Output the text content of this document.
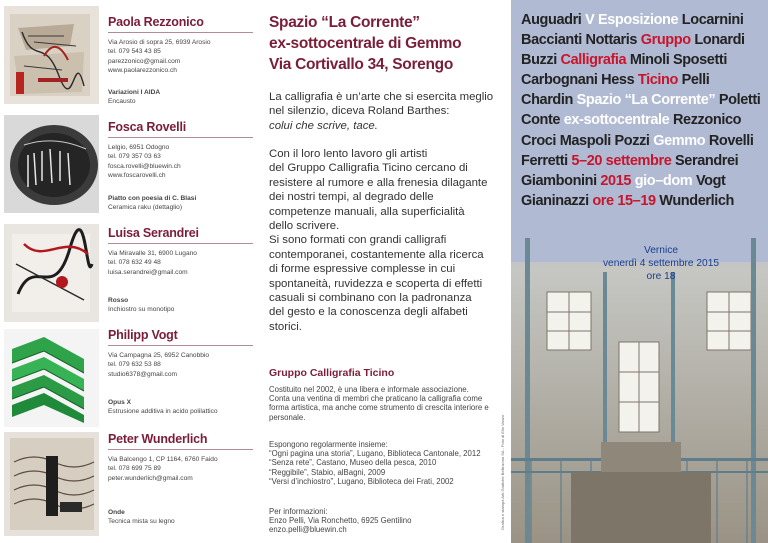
Paola Rezzonico
Via Arosio di sopra 25, 6939 Arosio
tel. 079 543 43 85
parezzonico@gmail.com
www.paolarezzonico.ch
Variazioni I AIDA
Encausto
Fosca Rovelli
Lelgio, 6951 Odogno
tel. 079 357 03 63
fosca.rovelli@bluewin.ch
www.foscarovelli.ch
Piatto con poesia di C. Blasi
Ceramica raku (dettaglio)
Luisa Serandrei
Via Miravalle 31, 6900 Lugano
tel. 078 632 49 48
luisa.serandrei@gmail.com
Rosso
Inchiostro su monotipo
Philipp Vogt
Via Campagna 25, 6952 Canobbio
tel. 079 632 53 88
studio6378@gmail.com
Opus X
Estrusione additiva in acido polilattico
Peter Wunderlich
Via Balcengo 1, CP 1164, 6760 Faido
tel. 078 699 75 89
peter.wunderlich@gmail.com
Onde
Tecnica mista su legno
Spazio “La Corrente”
ex-sottocentrale di Gemmo
Via Cortivallo 34, Sorengo
La calligrafia è un’arte che si esercita meglio nel silenzio, diceva Roland Barthes:
colui che scrive, tace.
Con il loro lento lavoro gli artisti
del Gruppo Calligrafia Ticino cercano di
resistere al rumore e alla frenesia dilagante
dei nostri tempi, al degrado delle
competenze manuali, alla superficialità
dello scrivere.
Si sono formati con grandi calligrafi
contemporanei, costantemente alla ricerca
di forme espressive complesse in cui
spontaneità, ruvidezza e scoperta di effetti
casuali si combinano con la padronanza
del gesto e la conoscenza degli alfabeti
storici.
Gruppo Calligrafia Ticino
Costituito nel 2002, è una libera e informale associazione. Conta una ventina di membri che praticano la calligrafia come forma artistica, ma anche come strumento di crescita interiore e personale.
Espongono regolarmente insieme:
“Ogni pagina una storia”, Lugano, Biblioteca Cantonale, 2012
“Senza rete”, Castano, Museo della pesca, 2010
“Reggibile”, Stabio, alBagni, 2009
“Versi d’inchiostro”, Lugano, Biblioteca dei Frati, 2002
Per informazioni:
Enzo Pelli, Via Ronchetto, 6925 Gentilino
enzo.pelli@bluewin.ch	Grafica e stampa Arti Grafiche Bellinzona SA - Foto di Elio Vanzo
Auguadri V Esposizione Locarnini
Baccianti Nottaris Gruppo Lonardi
Buzzi Calligrafia Minoli Sposetti
Carbognani Hess Ticino Pelli
Chardin Spazio “La Corrente” Poletti
Conte ex-sottocentrale Rezzonico
Croci Maspoli Pozzi Gemmo Rovelli
Ferretti 5–20 settembre Serandrei
Giambonini 2015 gio–dom Vogt
Gianinazzi ore 15–19 Wunderlich
Vernice
venerdì 4 settembre 2015
ore 18
